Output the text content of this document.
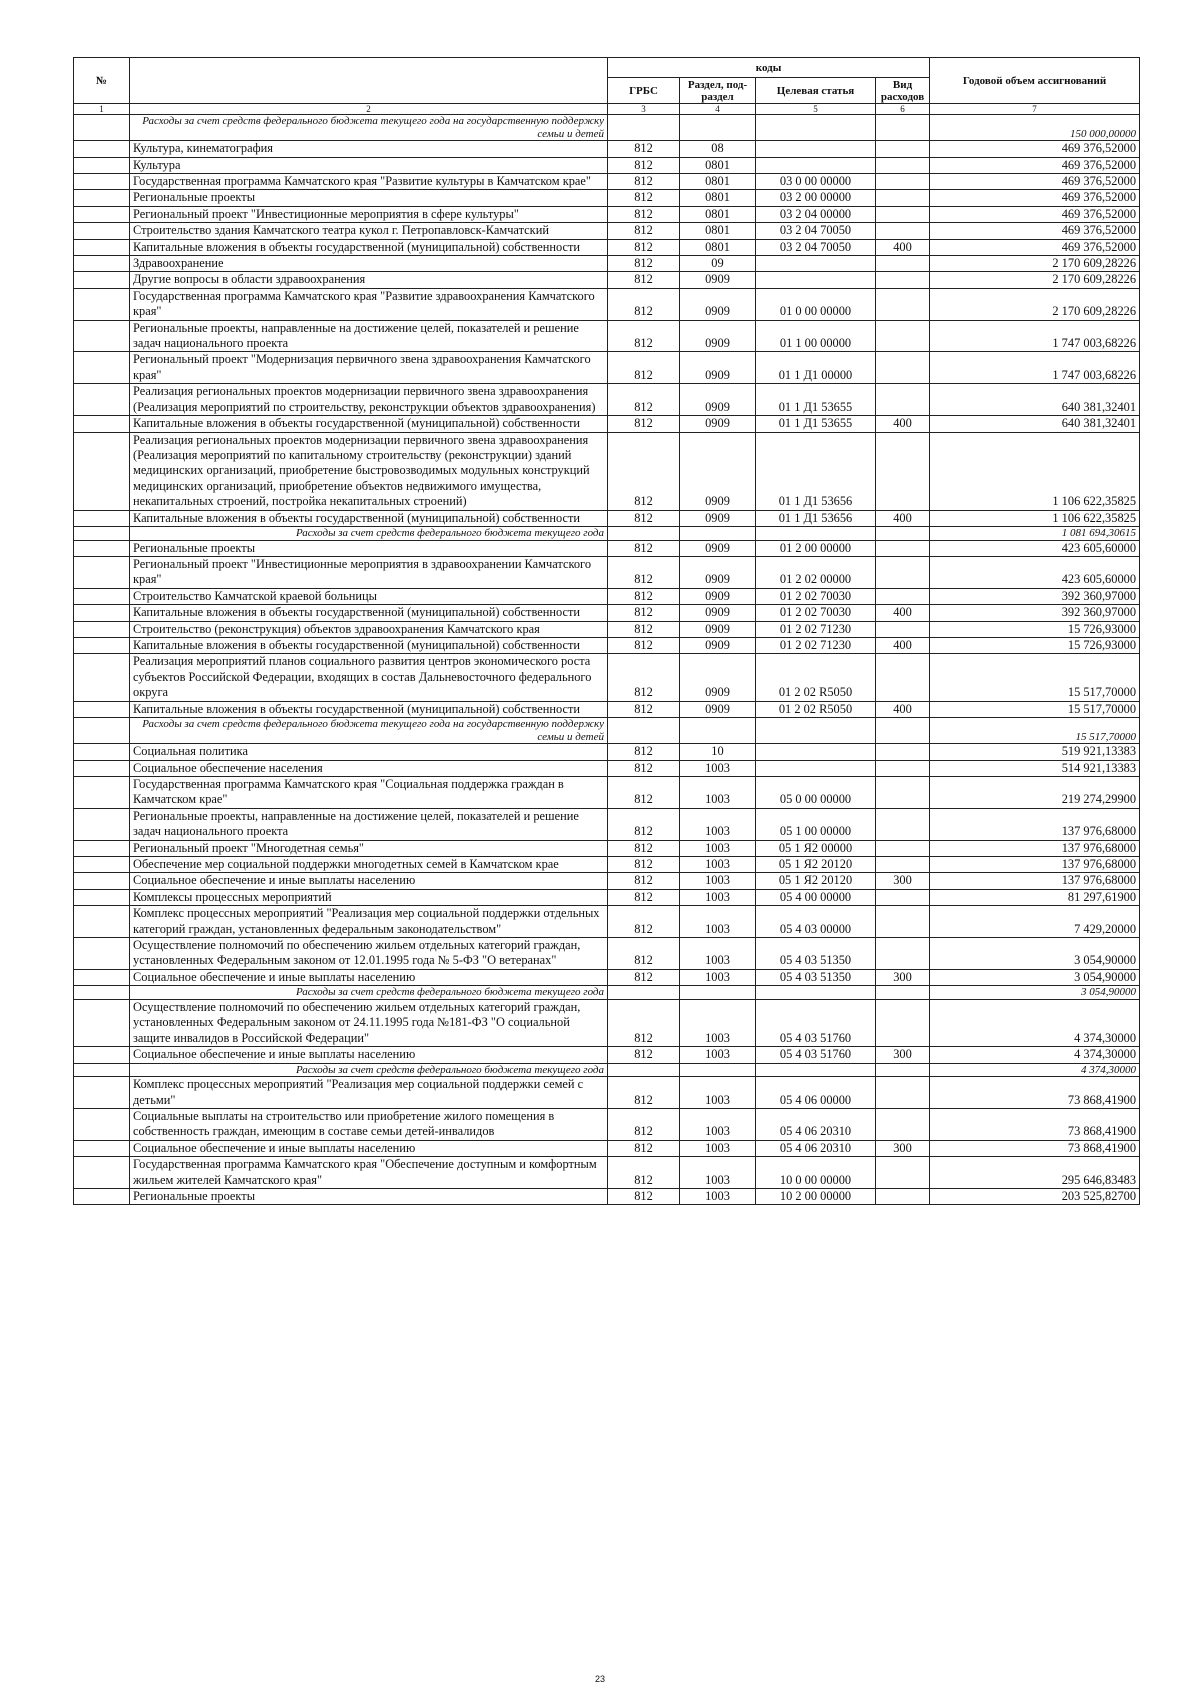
№		коды				Годовой объем ассигнований
		ГРБС	Раздел, под-раздел	Целевая статья	Вид расходов	
1	2	3	4	5	6	7
	Расходы за счет средств федерального бюджета текущего года на государственную поддержку семьи и детей					150 000,00000
	Культура, кинематография	812	08			469 376,52000
	Культура	812	0801			469 376,52000
	Государственная программа Камчатского края "Развитие культуры в Камчатском крае"	812	0801	03 0 00 00000		469 376,52000
	Региональные проекты	812	0801	03 2 00 00000		469 376,52000
	Региональный проект "Инвестиционные мероприятия в сфере культуры"	812	0801	03 2 04 00000		469 376,52000
	Строительство здания Камчатского театра кукол г. Петропавловск-Камчатский	812	0801	03 2 04 70050		469 376,52000
	Капитальные вложения в объекты государственной (муниципальной) собственности	812	0801	03 2 04 70050	400	469 376,52000
	Здравоохранение	812	09			2 170 609,28226
	Другие вопросы в области здравоохранения	812	0909			2 170 609,28226
	Государственная программа Камчатского края "Развитие здравоохранения Камчатского края"	812	0909	01 0 00 00000		2 170 609,28226
	Региональные проекты, направленные на достижение целей, показателей и решение задач национального проекта	812	0909	01 1 00 00000		1 747 003,68226
	Региональный проект "Модернизация первичного звена здравоохранения Камчатского края"	812	0909	01 1 Д1 00000		1 747 003,68226
	Реализация региональных проектов модернизации первичного звена здравоохранения (Реализация мероприятий по строительству, реконструкции объектов здравоохранения)	812	0909	01 1 Д1 53655		640 381,32401
	Капитальные вложения в объекты государственной (муниципальной) собственности	812	0909	01 1 Д1 53655	400	640 381,32401
	Реализация региональных проектов модернизации первичного звена здравоохранения (Реализация мероприятий по капитальному строительству (реконструкции) зданий медицинских организаций, приобретение быстровозводимых модульных конструкций медицинских организаций, приобретение объектов недвижимого имущества, некапитальных строений, постройка некапитальных строений)	812	0909	01 1 Д1 53656		1 106 622,35825
	Капитальные вложения в объекты государственной (муниципальной) собственности	812	0909	01 1 Д1 53656	400	1 106 622,35825
	Расходы за счет средств федерального бюджета текущего года					1 081 694,30615
	Региональные проекты	812	0909	01 2 00 00000		423 605,60000
	Региональный проект "Инвестиционные мероприятия в здравоохранении Камчатского края"	812	0909	01 2 02 00000		423 605,60000
	Строительство Камчатской краевой больницы	812	0909	01 2 02 70030		392 360,97000
	Капитальные вложения в объекты государственной (муниципальной) собственности	812	0909	01 2 02 70030	400	392 360,97000
	Строительство (реконструкция) объектов здравоохранения Камчатского края	812	0909	01 2 02 71230		15 726,93000
	Капитальные вложения в объекты государственной (муниципальной) собственности	812	0909	01 2 02 71230	400	15 726,93000
	Реализация мероприятий планов социального развития центров экономического роста субъектов Российской Федерации, входящих в состав Дальневосточного федерального округа	812	0909	01 2 02 R5050		15 517,70000
	Капитальные вложения в объекты государственной (муниципальной) собственности	812	0909	01 2 02 R5050	400	15 517,70000
	Расходы за счет средств федерального бюджета текущего года на государственную поддержку семьи и детей					15 517,70000
	Социальная политика	812	10			519 921,13383
	Социальное обеспечение населения	812	1003			514 921,13383
	Государственная программа Камчатского края "Социальная поддержка граждан в Камчатском крае"	812	1003	05 0 00 00000		219 274,29900
	Региональные проекты, направленные на достижение целей, показателей и решение задач национального проекта	812	1003	05 1 00 00000		137 976,68000
	Региональный проект "Многодетная семья"	812	1003	05 1 Я2 00000		137 976,68000
	Обеспечение мер социальной поддержки многодетных семей в Камчатском крае	812	1003	05 1 Я2 20120		137 976,68000
	Социальное обеспечение и иные выплаты населению	812	1003	05 1 Я2 20120	300	137 976,68000
	Комплексы процессных мероприятий	812	1003	05 4 00 00000		81 297,61900
	Комплекс процессных мероприятий "Реализация мер социальной поддержки отдельных категорий граждан, установленных федеральным законодательством"	812	1003	05 4 03 00000		7 429,20000
	Осуществление полномочий по обеспечению жильем отдельных категорий граждан, установленных Федеральным законом от 12.01.1995 года № 5-ФЗ "О ветеранах"	812	1003	05 4 03 51350		3 054,90000
	Социальное обеспечение и иные выплаты населению	812	1003	05 4 03 51350	300	3 054,90000
	Расходы за счет средств федерального бюджета текущего года					3 054,90000
	Осуществление полномочий по обеспечению жильем отдельных категорий граждан, установленных Федеральным законом от 24.11.1995 года №181-ФЗ "О социальной защите инвалидов в Российской Федерации"	812	1003	05 4 03 51760		4 374,30000
	Социальное обеспечение и иные выплаты населению	812	1003	05 4 03 51760	300	4 374,30000
	Расходы за счет средств федерального бюджета текущего года					4 374,30000
	Комплекс процессных мероприятий "Реализация мер социальной поддержки семей с детьми"	812	1003	05 4 06 00000		73 868,41900
	Социальные выплаты на строительство или приобретение жилого помещения в собственность граждан, имеющим в составе семьи детей-инвалидов	812	1003	05 4 06 20310		73 868,41900
	Социальное обеспечение и иные выплаты населению	812	1003	05 4 06 20310	300	73 868,41900
	Государственная программа Камчатского края "Обеспечение доступным и комфортным жильем жителей Камчатского края"	812	1003	10 0 00 00000		295 646,83483
	Региональные проекты	812	1003	10 2 00 00000		203 525,82700
23
